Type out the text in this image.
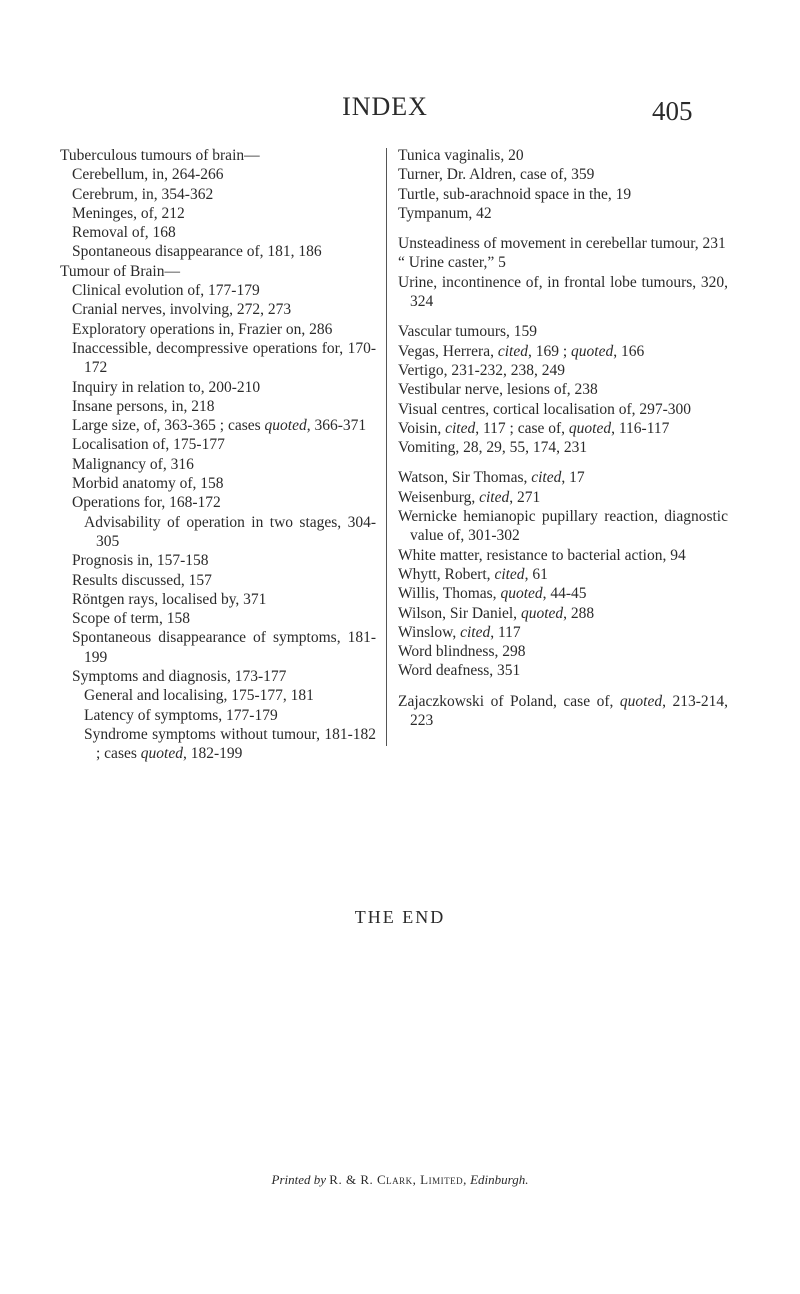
INDEX	405
Tuberculous tumours of brain—
Cerebellum, in, 264-266
Cerebrum, in, 354-362
Meninges, of, 212
Removal of, 168
Spontaneous disappearance of, 181, 186
Tumour of Brain—
Clinical evolution of, 177-179
Cranial nerves, involving, 272, 273
Exploratory operations in, Frazier on, 286
Inaccessible, decompressive operations for, 170-172
Inquiry in relation to, 200-210
Insane persons, in, 218
Large size, of, 363-365 ; cases quoted, 366-371
Localisation of, 175-177
Malignancy of, 316
Morbid anatomy of, 158
Operations for, 168-172
Advisability of operation in two stages, 304-305
Prognosis in, 157-158
Results discussed, 157
Röntgen rays, localised by, 371
Scope of term, 158
Spontaneous disappearance of symptoms, 181-199
Symptoms and diagnosis, 173-177
General and localising, 175-177, 181
Latency of symptoms, 177-179
Syndrome symptoms without tumour, 181-182 ; cases quoted, 182-199
Tunica vaginalis, 20
Turner, Dr. Aldren, case of, 359
Turtle, sub-arachnoid space in the, 19
Tympanum, 42
Unsteadiness of movement in cerebellar tumour, 231
“ Urine caster,” 5
Urine, incontinence of, in frontal lobe tumours, 320, 324
Vascular tumours, 159
Vegas, Herrera, cited, 169 ; quoted, 166
Vertigo, 231-232, 238, 249
Vestibular nerve, lesions of, 238
Visual centres, cortical localisation of, 297-300
Voisin, cited, 117 ; case of, quoted, 116-117
Vomiting, 28, 29, 55, 174, 231
Watson, Sir Thomas, cited, 17
Weisenburg, cited, 271
Wernicke hemianopic pupillary reaction, diagnostic value of, 301-302
White matter, resistance to bacterial action, 94
Whytt, Robert, cited, 61
Willis, Thomas, quoted, 44-45
Wilson, Sir Daniel, quoted, 288
Winslow, cited, 117
Word blindness, 298
Word deafness, 351
Zajaczkowski of Poland, case of, quoted, 213-214, 223
THE END
Printed by R. & R. Clark, Limited, Edinburgh.
